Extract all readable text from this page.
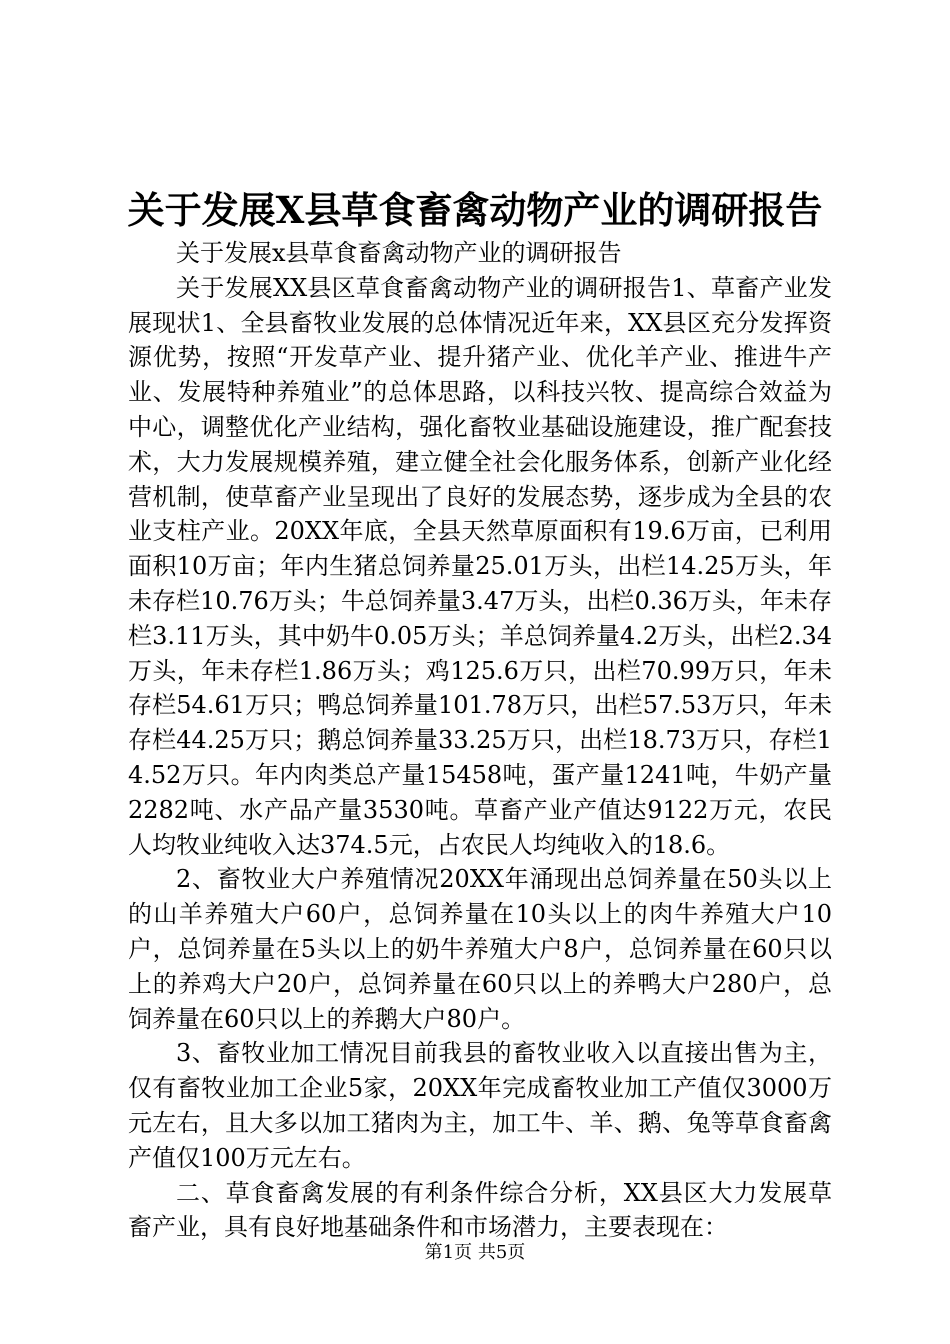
关于发展X县草食畜禽动物产业的调研报告

关于发展x县草食畜禽动物产业的调研报告

关于发展XX县区草食畜禽动物产业的调研报告1、草畜产业发展现状1、全县畜牧业发展的总体情况近年来，XX县区充分发挥资源优势，按照“开发草产业、提升猪产业、优化羊产业、推进牛产业、发展特种养殖业”的总体思路，以科技兴牧、提高综合效益为中心，调整优化产业结构，强化畜牧业基础设施建设，推广配套技术，大力发展规模养殖，建立健全社会化服务体系，创新产业化经营机制，使草畜产业呈现出了良好的发展态势，逐步成为全县的农业支柱产业。20XX年底，全县天然草原面积有19.6万亩，已利用面积10万亩；年内生猪总饲养量25.01万头，出栏14.25万头，年未存栏10.76万头；牛总饲养量3.47万头，出栏0.36万头，年未存栏3.11万头，其中奶牛0.05万头；羊总饲养量4.2万头，出栏2.34万头，年未存栏1.86万头；鸡125.6万只，出栏70.99万只，年未存栏54.61万只；鸭总饲养量101.78万只，出栏57.53万只，年未存栏44.25万只；鹅总饲养量33.25万只，出栏18.73万只，存栏14.52万只。年内肉类总产量15458吨，蛋产量1241吨，牛奶产量2282吨、水产品产量3530吨。草畜产业产值达9122万元，农民人均牧业纯收入达374.5元，占农民人均纯收入的18.6。

2、畜牧业大户养殖情况20XX年涌现出总饲养量在50头以上的山羊养殖大户60户，总饲养量在10头以上的肉牛养殖大户10户，总饲养量在5头以上的奶牛养殖大户8户，总饲养量在60只以上的养鸡大户20户，总饲养量在60只以上的养鸭大户280户，总饲养量在60只以上的养鹅大户80户。

3、畜牧业加工情况目前我县的畜牧业收入以直接出售为主，仅有畜牧业加工企业5家，20XX年完成畜牧业加工产值仅3000万元左右，且大多以加工猪肉为主，加工牛、羊、鹅、兔等草食畜禽产值仅100万元左右。

二、草食畜禽发展的有利条件综合分析，XX县区大力发展草畜产业，具有良好地基础条件和市场潜力，主要表现在：

第1页 共5页
